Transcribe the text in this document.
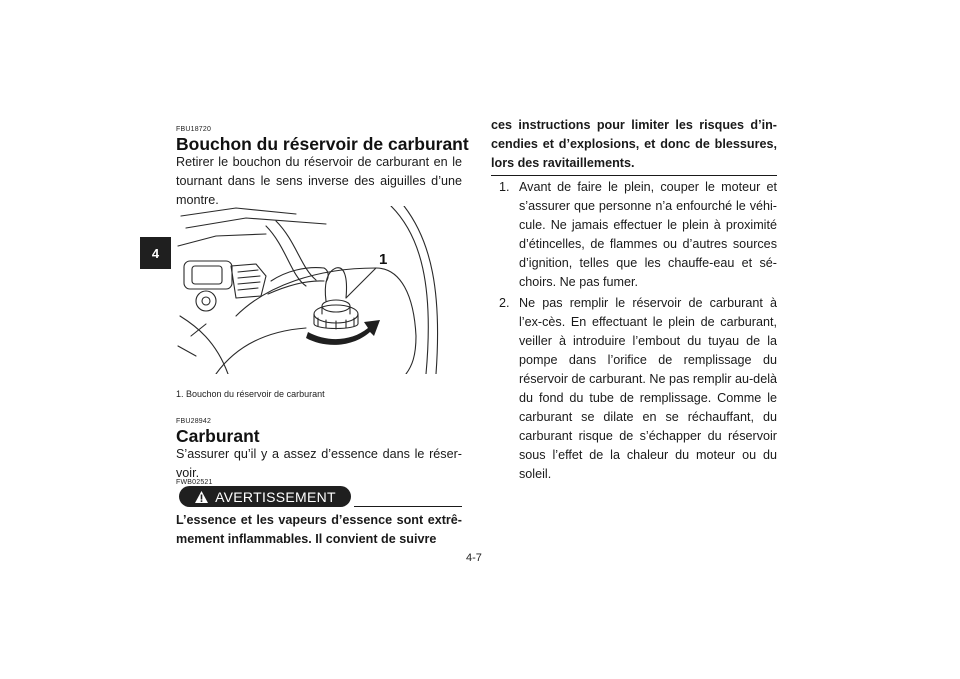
4
FBU18720
Bouchon du réservoir de carburant
Retirer le bouchon du réservoir de carburant en le tournant dans le sens inverse des aiguilles d’une montre.
1
1. Bouchon du réservoir de carburant
FBU28942
Carburant
S’assurer qu’il y a assez d’essence dans le réser-voir.
FWB02521
AVERTISSEMENT
L’essence et les vapeurs d’essence sont extrê-mement inflammables. Il convient de suivre
ces instructions pour limiter les risques d’in-cendies et d’explosions, et donc de blessures, lors des ravitaillements.
1. Avant de faire le plein, couper le moteur et s’assurer que personne n’a enfourché le véhi-cule. Ne jamais effectuer le plein à proximité d’étincelles, de flammes ou d’autres sources d’ignition, telles que les chauffe-eau et sé-choirs. Ne pas fumer.
2. Ne pas remplir le réservoir de carburant à l’ex-cès. En effectuant le plein de carburant, veiller à introduire l’embout du tuyau de la pompe dans l’orifice de remplissage du réservoir de carburant. Ne pas remplir au-delà du fond du tube de remplissage. Comme le carburant se dilate en se réchauffant, du carburant risque de s’échapper du réservoir sous l’effet de la chaleur du moteur ou du soleil.
4-7
